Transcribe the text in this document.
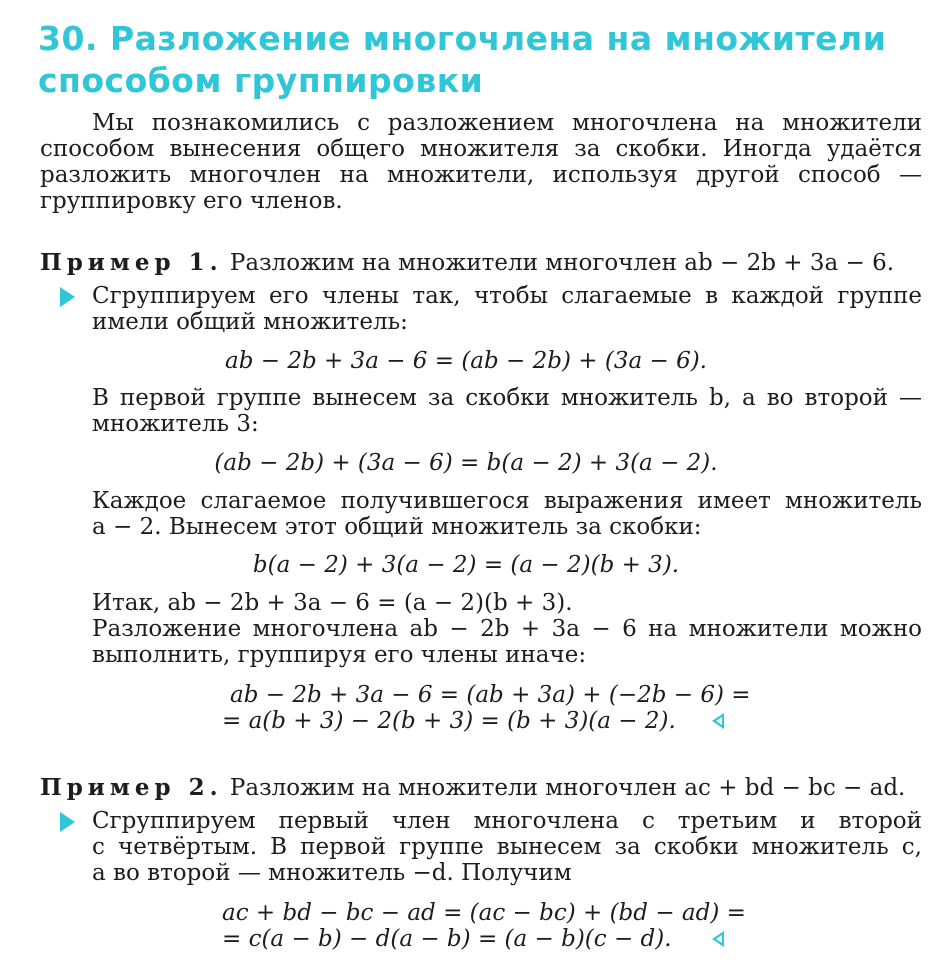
30. Разложение многочлена на множители
способом группировки
Мы познакомились с разложением многочлена на множители
способом вынесения общего множителя за скобки. Иногда удаётся
разложить многочлен на множители, используя другой способ —
группировку его членов.
Пример 1. Разложим на множители многочлен ab − 2b + 3a − 6.
Сгруппируем его члены так, чтобы слагаемые в каждой группе
имели общий множитель:
ab − 2b + 3a − 6 = (ab − 2b) + (3a − 6).
В первой группе вынесем за скобки множитель b, а во второй —
множитель 3:
(ab − 2b) + (3a − 6) = b(a − 2) + 3(a − 2).
Каждое слагаемое получившегося выражения имеет множитель
a − 2. Вынесем этот общий множитель за скобки:
b(a − 2) + 3(a − 2) = (a − 2)(b + 3).
Итак, ab − 2b + 3a − 6 = (a − 2)(b + 3).
Разложение многочлена ab − 2b + 3a − 6 на множители можно
выполнить, группируя его члены иначе:
ab − 2b + 3a − 6 = (ab + 3a) + (−2b − 6) =
= a(b + 3) − 2(b + 3) = (b + 3)(a − 2).
Пример 2. Разложим на множители многочлен ac + bd − bc − ad.
Сгруппируем первый член многочлена с третьим и второй
с четвёртым. В первой группе вынесем за скобки множитель c,
а во второй — множитель −d. Получим
ac + bd − bc − ad = (ac − bc) + (bd − ad) =
= c(a − b) − d(a − b) = (a − b)(c − d).
